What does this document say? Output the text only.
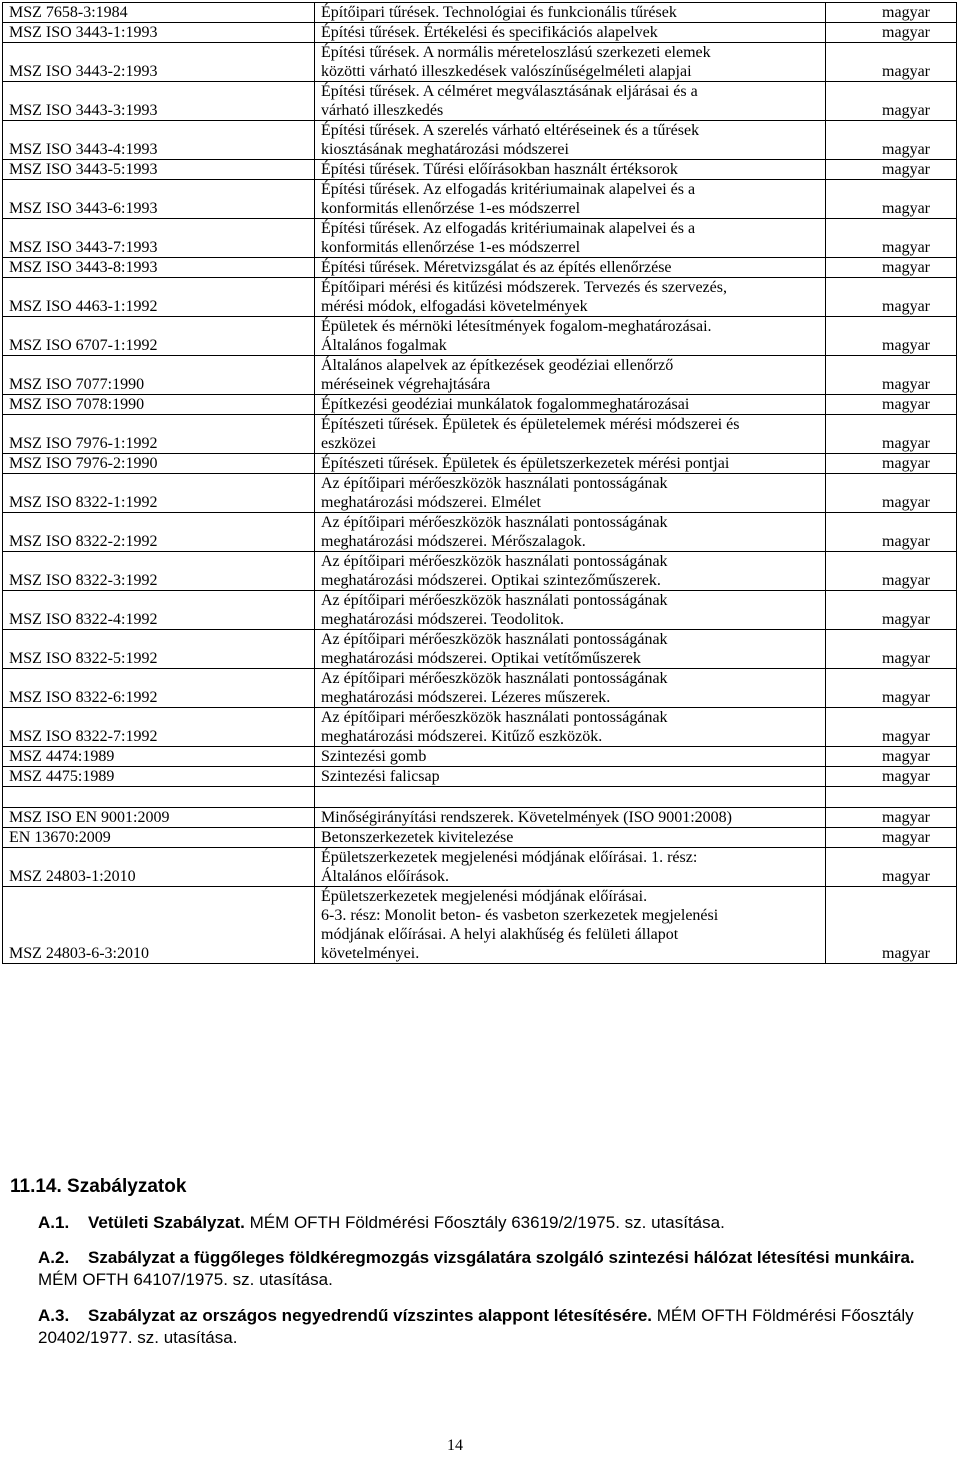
MSZ 7658-3:1984	Építőipari tűrések. Technológiai és funkcionális tűrések	magyar
MSZ ISO 3443-1:1993	Építési tűrések. Értékelési és specifikációs alapelvek	magyar
MSZ ISO 3443-2:1993	Építési tűrések. A normális méreteloszlású szerkezeti elemek
közötti várható illeszkedések valószínűségelméleti alapjai	magyar
MSZ ISO 3443-3:1993	Építési tűrések. A célméret megválasztásának eljárásai és a
várható illeszkedés	magyar
MSZ ISO 3443-4:1993	Építési tűrések. A szerelés várható eltéréseinek és a tűrések
kiosztásának meghatározási módszerei	magyar
MSZ ISO 3443-5:1993	Építési tűrések. Tűrési előírásokban használt értéksorok	magyar
MSZ ISO 3443-6:1993	Építési tűrések. Az elfogadás kritériumainak alapelvei és a
konformitás ellenőrzése 1-es módszerrel	magyar
MSZ ISO 3443-7:1993	Építési tűrések. Az elfogadás kritériumainak alapelvei és a
konformitás ellenőrzése 1-es módszerrel	magyar
MSZ ISO 3443-8:1993	Építési tűrések. Méretvizsgálat és az építés ellenőrzése	magyar
MSZ ISO 4463-1:1992	Építőipari mérési és kitűzési módszerek. Tervezés és szervezés,
mérési módok, elfogadási követelmények	magyar
MSZ ISO 6707-1:1992	Épületek és mérnöki létesítmények fogalom-meghatározásai.
Általános fogalmak	magyar
MSZ ISO 7077:1990	Általános alapelvek az építkezések geodéziai ellenőrző
méréseinek végrehajtására	magyar
MSZ ISO 7078:1990	Építkezési geodéziai munkálatok fogalommeghatározásai	magyar
MSZ ISO 7976-1:1992	Építészeti tűrések. Épületek és épületelemek mérési módszerei és
eszközei	magyar
MSZ ISO 7976-2:1990	Építészeti tűrések. Épületek és épületszerkezetek mérési pontjai	magyar
MSZ ISO 8322-1:1992	Az építőipari mérőeszközök használati pontosságának
meghatározási módszerei. Elmélet	magyar
MSZ ISO 8322-2:1992	Az építőipari mérőeszközök használati pontosságának
meghatározási módszerei. Mérőszalagok.	magyar
MSZ ISO 8322-3:1992	Az építőipari mérőeszközök használati pontosságának
meghatározási módszerei. Optikai szintezőműszerek.	magyar
MSZ ISO 8322-4:1992	Az építőipari mérőeszközök használati pontosságának
meghatározási módszerei. Teodolitok.	magyar
MSZ ISO 8322-5:1992	Az építőipari mérőeszközök használati pontosságának
meghatározási módszerei. Optikai vetítőműszerek	magyar
MSZ ISO 8322-6:1992	Az építőipari mérőeszközök használati pontosságának
meghatározási módszerei. Lézeres műszerek.	magyar
MSZ ISO 8322-7:1992	Az építőipari mérőeszközök használati pontosságának
meghatározási módszerei. Kitűző eszközök.	magyar
MSZ 4474:1989	Szintezési gomb	magyar
MSZ 4475:1989	Szintezési falicsap	magyar

MSZ ISO EN 9001:2009	Minőségirányítási rendszerek. Követelmények (ISO 9001:2008)	magyar
EN 13670:2009	Betonszerkezetek kivitelezése	magyar
MSZ 24803-1:2010	Épületszerkezetek megjelenési módjának előírásai. 1. rész:
Általános előírások.	magyar
MSZ 24803-6-3:2010	Épületszerkezetek megjelenési módjának előírásai.
6-3. rész: Monolit beton- és vasbeton szerkezetek megjelenési
módjának előírásai. A helyi alakhűség és felületi állapot
követelményei.	magyar
11.14. Szabályzatok
A.1. Vetületi Szabályzat. MÉM OFTH Földmérési Főosztály 63619/2/1975. sz. utasítása.
A.2. Szabályzat a függőleges földkéregmozgás vizsgálatára szolgáló szintezési hálózat létesítési munkáira. MÉM OFTH 64107/1975. sz. utasítása.
A.3. Szabályzat az országos negyedrendű vízszintes alappont létesítésére. MÉM OFTH Földmérési Főosztály 20402/1977. sz. utasítása.
14
